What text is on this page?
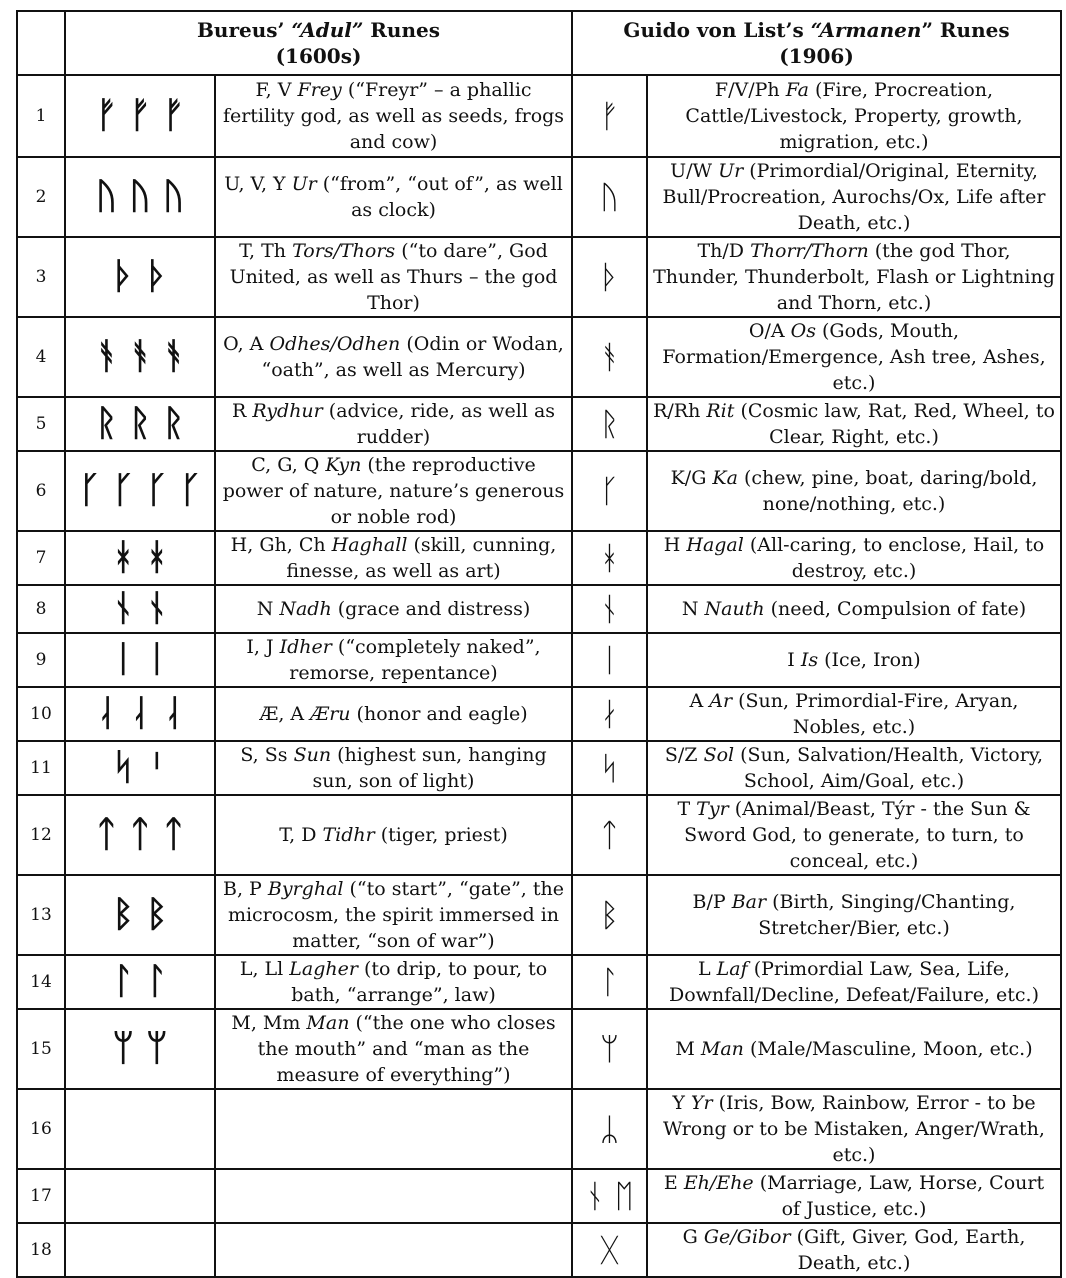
	Bureus’ “Adul” Runes
(1600s)		Guido von List’s “Armanen” Runes
(1906)	
1	ᚠ ᚠ ᚠ	F, V Frey (“Freyr” – a phallic fertility god, as well as seeds, frogs and cow)	ᚠ	F/V/Ph Fa (Fire, Procreation, Cattle/Livestock, Property, growth, migration, etc.)
2	ᚢ ᚢ ᚢ	U, V, Y Ur (“from”, “out of”, as well as clock)	ᚢ	U/W Ur (Primordial/Original, Eternity, Bull/Procreation, Aurochs/Ox, Life after Death, etc.)
3	ᚦ ᚦ	T, Th Tors/Thors (“to dare”, God United, as well as Thurs – the god Thor)	ᚦ	Th/D Thorr/Thorn (the god Thor, Thunder, Thunderbolt, Flash or Lightning and Thorn, etc.)
4	ᚬ ᚬ ᚬ	O, A Odhes/Odhen (Odin or Wodan, “oath”, as well as Mercury)	ᚬ	O/A Os (Gods, Mouth, Formation/Emergence, Ash tree, Ashes, etc.)
5	ᚱ ᚱ ᚱ	R Rydhur (advice, ride, as well as rudder)	ᚱ	R/Rh Rit (Cosmic law, Rat, Red, Wheel, to Clear, Right, etc.)
6	ᚴ ᚴ ᚴ ᚴ	C, G, Q Kyn (the reproductive power of nature, nature’s generous or noble rod)	ᚴ	K/G Ka (chew, pine, boat, daring/bold, none/nothing, etc.)
7	ᚼ ᚼ	H, Gh, Ch Haghall (skill, cunning, finesse, as well as art)	ᚼ	H Hagal (All-caring, to enclose, Hail, to destroy, etc.)
8	ᚾ ᚾ	N Nadh (grace and distress)	ᚾ	N Nauth (need, Compulsion of fate)
9	ᛁ ᛁ	I, J Idher (“completely naked”, remorse, repentance)	ᛁ	I Is (Ice, Iron)
10	ᛆ ᛆ ᛆ	Æ, A Æru (honor and eagle)	ᛅ	A Ar (Sun, Primordial-Fire, Aryan, Nobles, etc.)
11	ᛋ ᛌ	S, Ss Sun (highest sun, hanging sun, son of light)	ᛋ	S/Z Sol (Sun, Salvation/Health, Victory, School, Aim/Goal, etc.)
12	ᛏ ᛏ ᛏ	T, D Tidhr (tiger, priest)	ᛏ	T Tyr (Animal/Beast, Týr - the Sun & Sword God, to generate, to turn, to conceal, etc.)
13	ᛒ ᛒ	B, P Byrghal (“to start”, “gate”, the microcosm, the spirit immersed in matter, “son of war”)	ᛒ	B/P Bar (Birth, Singing/Chanting, Stretcher/Bier, etc.)
14	ᛚ ᛚ	L, Ll Lagher (to drip, to pour, to bath, “arrange”, law)	ᛚ	L Laf (Primordial Law, Sea, Life, Downfall/Decline, Defeat/Failure, etc.)
15	ᛘ ᛘ	M, Mm Man (“the one who closes the mouth” and “man as the measure of everything”)	ᛘ	M Man (Male/Masculine, Moon, etc.)
16			ᛦ	Y Yr (Iris, Bow, Rainbow, Error - to be Wrong or to be Mistaken, Anger/Wrath, etc.)
17			ᚾ ᛖ	E Eh/Ehe (Marriage, Law, Horse, Court of Justice, etc.)
18			ᚷ	G Ge/Gibor (Gift, Giver, God, Earth, Death, etc.)
